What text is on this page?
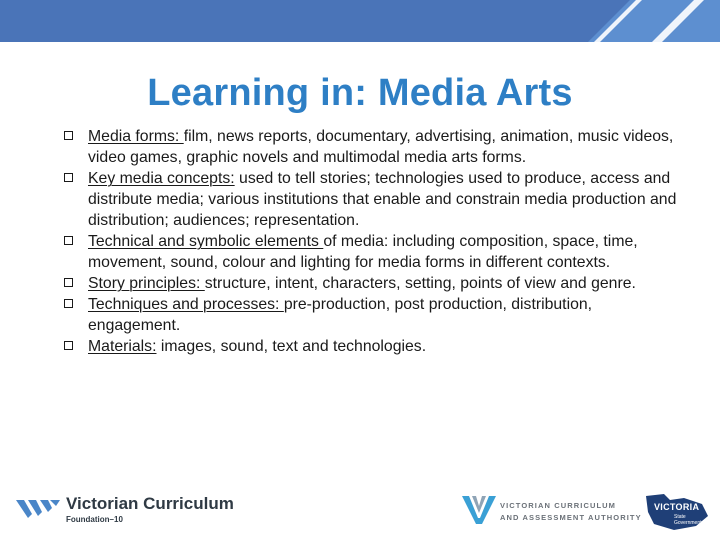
Learning in: Media Arts
Media forms: film, news reports, documentary, advertising, animation, music videos, video games, graphic novels and multimodal media arts forms.
Key media concepts: used to tell stories; technologies used to produce, access and distribute media; various institutions that enable and constrain media production and distribution; audiences; representation.
Technical and symbolic elements of media: including composition, space, time, movement, sound, colour and lighting for media forms in different contexts.
Story principles: structure, intent, characters, setting, points of view and genre.
Techniques and processes: pre-production, post production, distribution, engagement.
Materials: images, sound, text and technologies.
Victorian Curriculum
Foundation–10
VICTORIAN CURRICULUM
AND ASSESSMENT AUTHORITY
VICTORIA
State
Government
